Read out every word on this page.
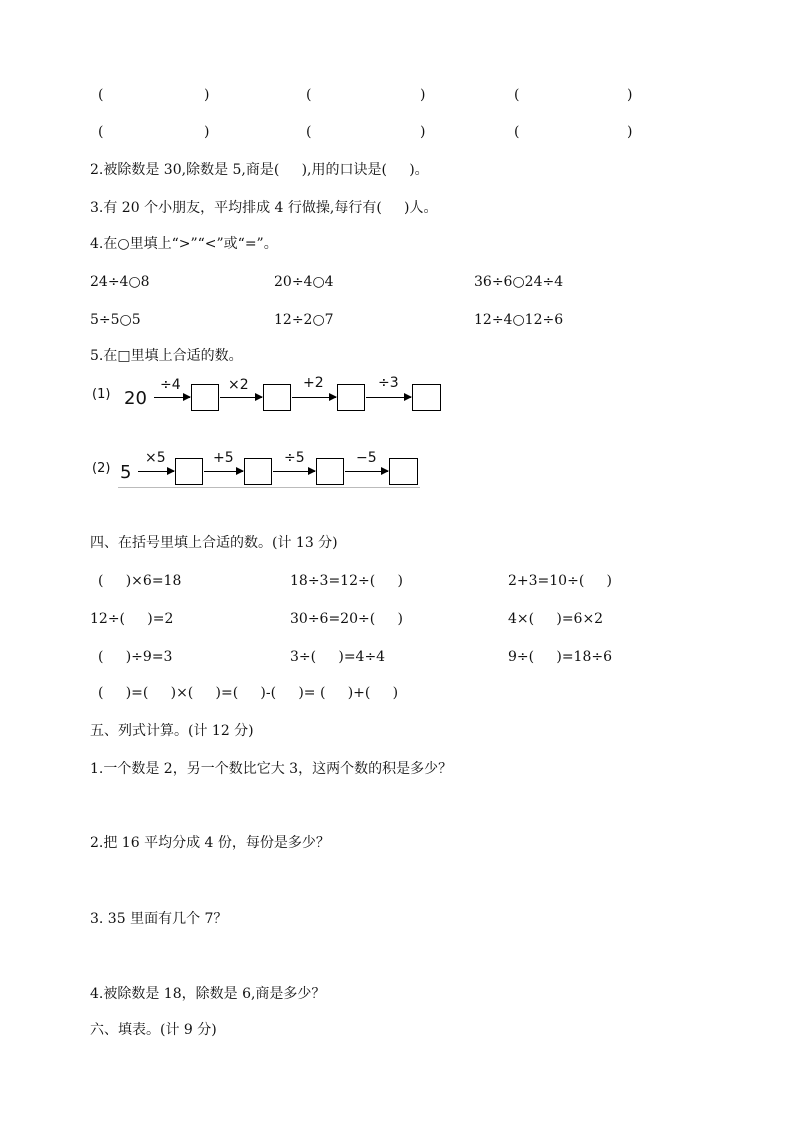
(	)	(	)	(	)
(	)	(	)	(	)
2.被除数是 30,除数是 5,商是(     ),用的口诀是(     )。
3.有 20 个小朋友，平均排成 4 行做操,每行有(     )人。
4.在○里填上“>”“<”或“=”。
24÷4○8	20÷4○4	36÷6○24÷4
5÷5○5	12÷2○7	12÷4○12÷6
5.在□里填上合适的数。
(1) 20
÷4	×2	+2	÷3
(2) 5
×5	+5	÷5	−5
四、在括号里填上合适的数。(计 13 分)
(     )×6=18	18÷3=12÷(     )	2+3=10÷(     )
12÷(     )=2	30÷6=20÷(     )	4×(     )=6×2
(     )÷9=3	3÷(     )=4÷4	9÷(     )=18÷6
(     )=(     )×(     )=(     )-(     )= (     )+(     )
五、列式计算。(计 12 分)
1.一个数是 2，另一个数比它大 3，这两个数的积是多少？
2.把 16 平均分成 4 份，每份是多少？
3. 35 里面有几个 7？
4.被除数是 18，除数是 6,商是多少？
六、填表。(计 9 分)
